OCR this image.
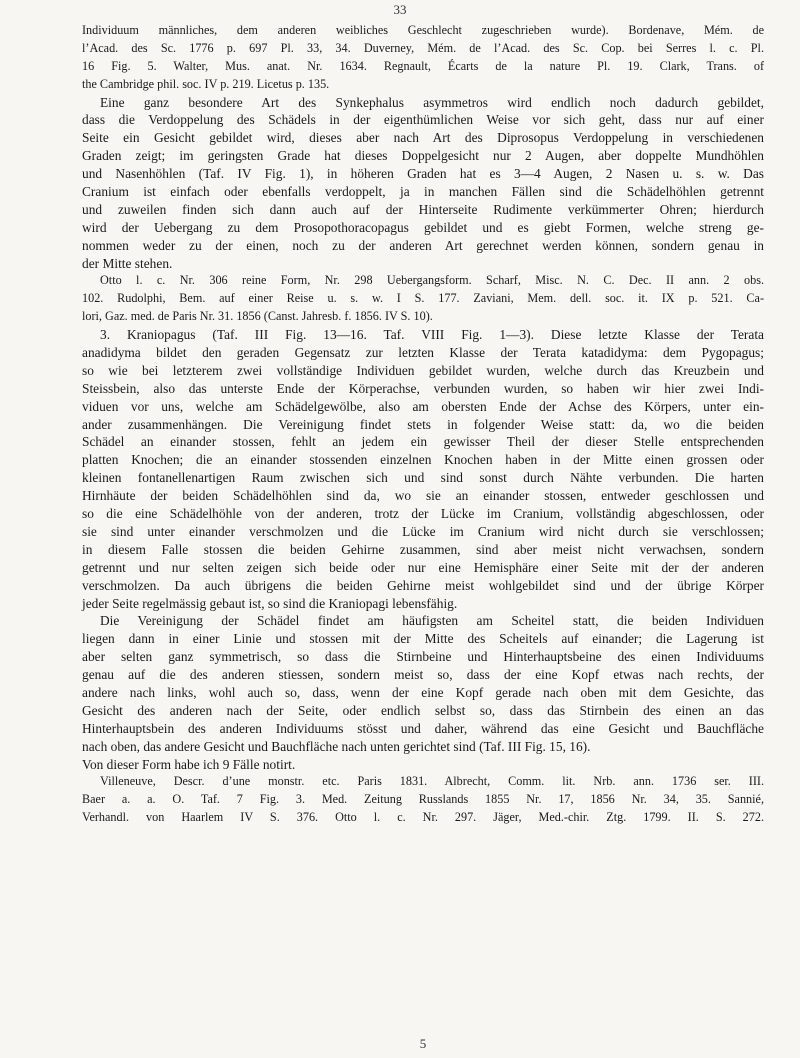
33
Individuum männliches, dem anderen weibliches Geschlecht zugeschrieben wurde). Bordenave, Mém. de
l’Acad. des Sc. 1776 p. 697 Pl. 33, 34. Duverney, Mém. de l’Acad. des Sc. Cop. bei Serres l. c. Pl.
16 Fig. 5. Walter, Mus. anat. Nr. 1634. Regnault, Écarts de la nature Pl. 19. Clark, Trans. of
the Cambridge phil. soc. IV p. 219. Licetus p. 135.
Eine ganz besondere Art des Synkephalus asymmetros wird endlich noch dadurch gebildet,
dass die Verdoppelung des Schädels in der eigenthümlichen Weise vor sich geht, dass nur auf einer
Seite ein Gesicht gebildet wird, dieses aber nach Art des Diprosopus Verdoppelung in verschiedenen
Graden zeigt; im geringsten Grade hat dieses Doppelgesicht nur 2 Augen, aber doppelte Mundhöhlen
und Nasenhöhlen (Taf. IV Fig. 1), in höheren Graden hat es 3—4 Augen, 2 Nasen u. s. w. Das
Cranium ist einfach oder ebenfalls verdoppelt, ja in manchen Fällen sind die Schädelhöhlen getrennt
und zuweilen finden sich dann auch auf der Hinterseite Rudimente verkümmerter Ohren; hierdurch
wird der Uebergang zu dem Prosopothoracopagus gebildet und es giebt Formen, welche streng ge-
nommen weder zu der einen, noch zu der anderen Art gerechnet werden können, sondern genau in
der Mitte stehen.
Otto l. c. Nr. 306 reine Form, Nr. 298 Uebergangsform. Scharf, Misc. N. C. Dec. II ann. 2 obs.
102. Rudolphi, Bem. auf einer Reise u. s. w. I S. 177. Zaviani, Mem. dell. soc. it. IX p. 521. Ca-
lori, Gaz. med. de Paris Nr. 31. 1856 (Canst. Jahresb. f. 1856. IV S. 10).
3. Kraniopagus (Taf. III Fig. 13—16. Taf. VIII Fig. 1—3). Diese letzte Klasse der Terata
anadidyma bildet den geraden Gegensatz zur letzten Klasse der Terata katadidyma: dem Pygopagus;
so wie bei letzterem zwei vollständige Individuen gebildet wurden, welche durch das Kreuzbein und
Steissbein, also das unterste Ende der Körperachse, verbunden wurden, so haben wir hier zwei Indi-
viduen vor uns, welche am Schädelgewölbe, also am obersten Ende der Achse des Körpers, unter ein-
ander zusammenhängen. Die Vereinigung findet stets in folgender Weise statt: da, wo die beiden
Schädel an einander stossen, fehlt an jedem ein gewisser Theil der dieser Stelle entsprechenden
platten Knochen; die an einander stossenden einzelnen Knochen haben in der Mitte einen grossen oder
kleinen fontanellenartigen Raum zwischen sich und sind sonst durch Nähte verbunden. Die harten
Hirnhäute der beiden Schädelhöhlen sind da, wo sie an einander stossen, entweder geschlossen und
so die eine Schädelhöhle von der anderen, trotz der Lücke im Cranium, vollständig abgeschlossen, oder
sie sind unter einander verschmolzen und die Lücke im Cranium wird nicht durch sie verschlossen;
in diesem Falle stossen die beiden Gehirne zusammen, sind aber meist nicht verwachsen, sondern
getrennt und nur selten zeigen sich beide oder nur eine Hemisphäre einer Seite mit der der anderen
verschmolzen. Da auch übrigens die beiden Gehirne meist wohlgebildet sind und der übrige Körper
jeder Seite regelmässig gebaut ist, so sind die Kraniopagi lebensfähig.
Die Vereinigung der Schädel findet am häufigsten am Scheitel statt, die beiden Individuen
liegen dann in einer Linie und stossen mit der Mitte des Scheitels auf einander; die Lagerung ist
aber selten ganz symmetrisch, so dass die Stirnbeine und Hinterhauptsbeine des einen Individuums
genau auf die des anderen stiessen, sondern meist so, dass der eine Kopf etwas nach rechts, der
andere nach links, wohl auch so, dass, wenn der eine Kopf gerade nach oben mit dem Gesichte, das
Gesicht des anderen nach der Seite, oder endlich selbst so, dass das Stirnbein des einen an das
Hinterhauptsbein des anderen Individuums stösst und daher, während das eine Gesicht und Bauchfläche
nach oben, das andere Gesicht und Bauchfläche nach unten gerichtet sind (Taf. III Fig. 15, 16).
Von dieser Form habe ich 9 Fälle notirt.
Villeneuve, Descr. d’une monstr. etc. Paris 1831. Albrecht, Comm. lit. Nrb. ann. 1736 ser. III.
Baer a. a. O. Taf. 7 Fig. 3. Med. Zeitung Russlands 1855 Nr. 17, 1856 Nr. 34, 35. Sannié,
Verhandl. von Haarlem IV S. 376. Otto l. c. Nr. 297. Jäger, Med.-chir. Ztg. 1799. II. S. 272.
5
